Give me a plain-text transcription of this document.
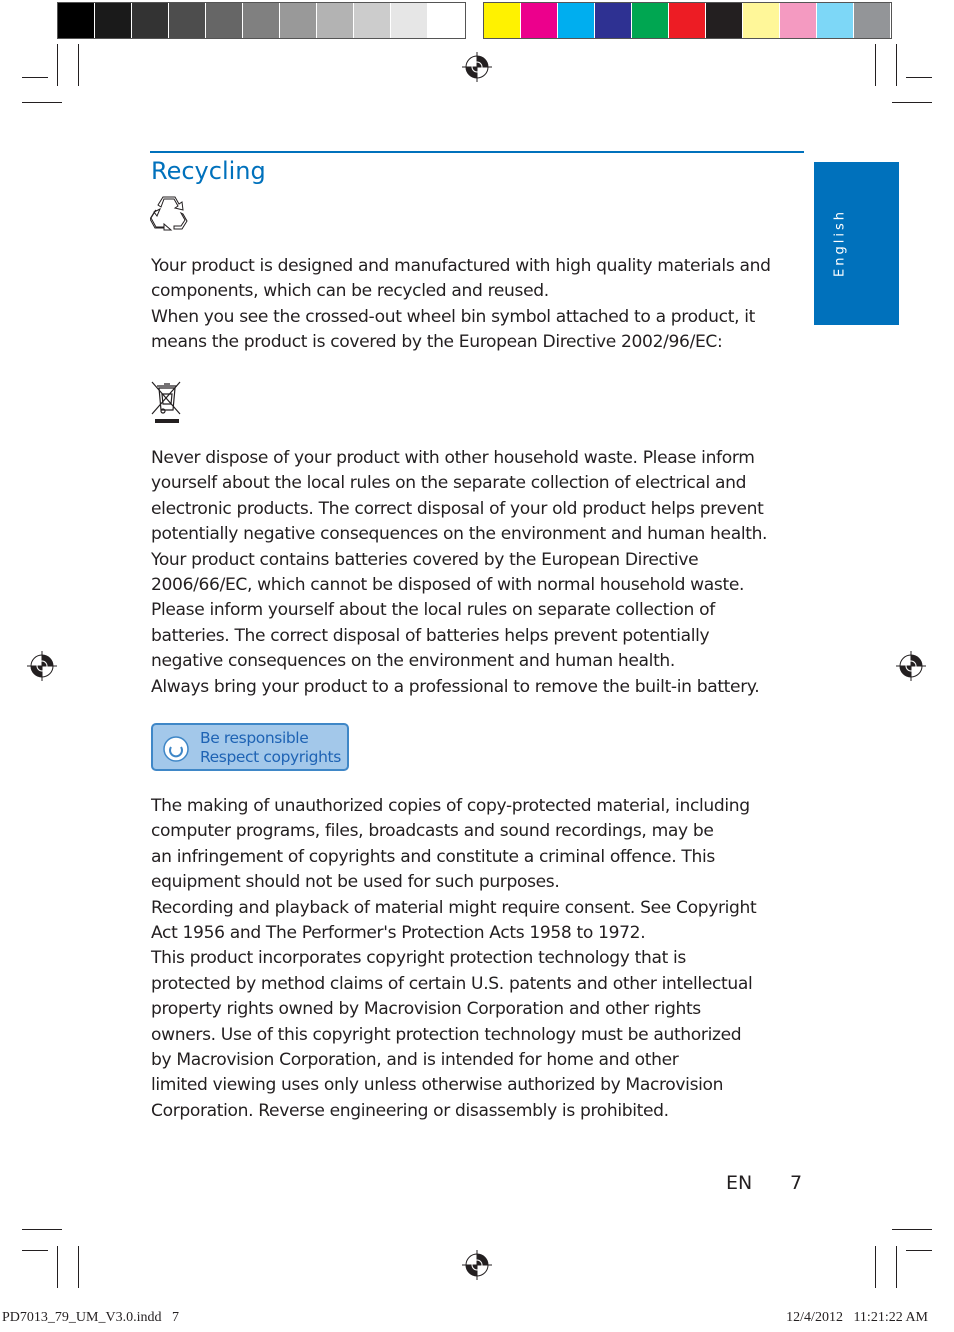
English
Recycling
Your product is designed and manufactured with high quality materials and
components, which can be recycled and reused.
When you see the crossed-out wheel bin symbol attached to a product, it
means the product is covered by the European Directive 2002/96/EC:
Never dispose of your product with other household waste. Please inform
yourself about the local rules on the separate collection of electrical and
electronic products. The correct disposal of your old product helps prevent
potentially negative consequences on the environment and human health.
Your product contains batteries covered by the European Directive
2006/66/EC, which cannot be disposed of with normal household waste.
Please inform yourself about the local rules on separate collection of
batteries. The correct disposal of batteries helps prevent potentially
negative consequences on the environment and human health.
Always bring your product to a professional to remove the built-in battery.
Be responsible
Respect copyrights
The making of unauthorized copies of copy-protected material, including
computer programs, files, broadcasts and sound recordings, may be
an infringement of copyrights and constitute a criminal offence. This
equipment should not be used for such purposes.
Recording and playback of material might require consent. See Copyright
Act 1956 and The Performer's Protection Acts 1958 to 1972.
This product incorporates copyright protection technology that is
protected by method claims of certain U.S. patents and other intellectual
property rights owned by Macrovision Corporation and other rights
owners. Use of this copyright protection technology must be authorized
by Macrovision Corporation, and is intended for home and other
limited viewing uses only unless otherwise authorized by Macrovision
Corporation. Reverse engineering or disassembly is prohibited.
EN 7
PD7013_79_UM_V3.0.indd   7	12/4/2012   11:21:22 AM
